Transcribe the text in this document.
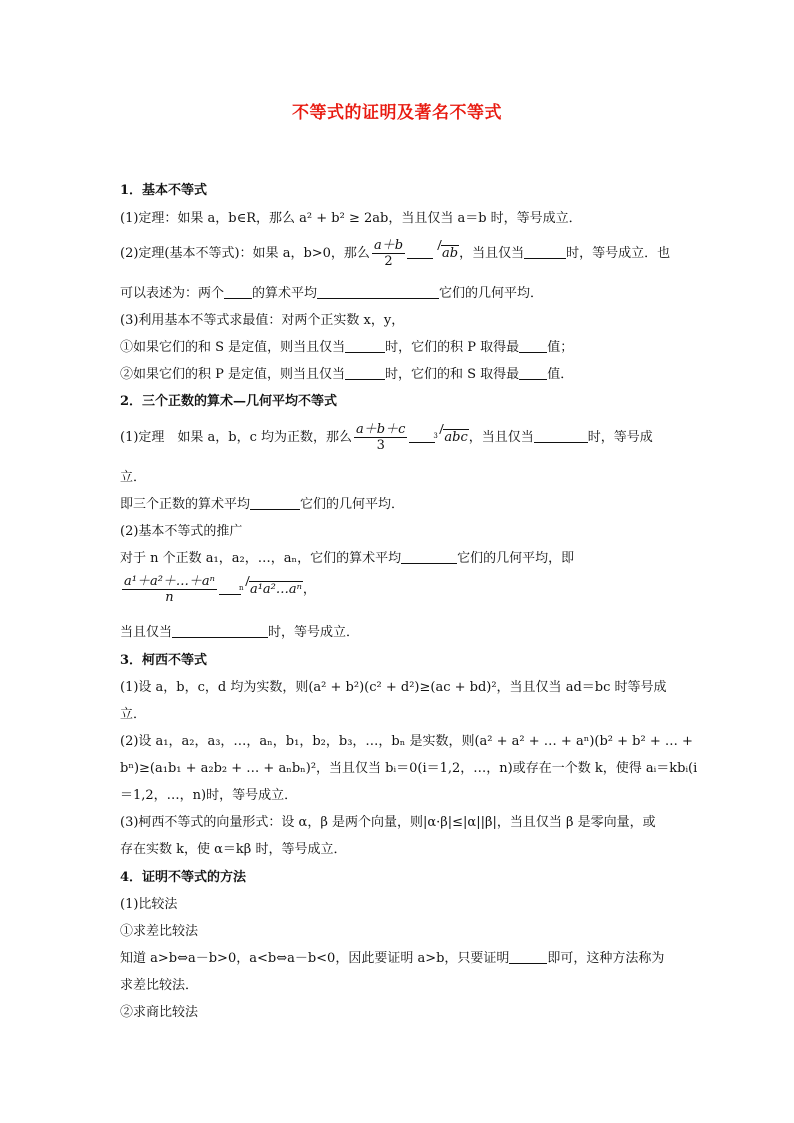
不等式的证明及著名不等式
1．基本不等式
(1)定理：如果 a，b∈R，那么 a² + b² ≥ 2ab，当且仅当 a＝b 时，等号成立．
(2)定理(基本不等式)：如果 a，b>0，那么 $\frac{a+b}{2}$	ab，当且仅当	时，等号成立．也
可以表述为：两个 的算术平均	它们的几何平均．
(3)利用基本不等式求最值：对两个正实数 x，y，
①如果它们的和 S 是定值，则当且仅当	时，它们的积 P 取得最 值；
②如果它们的积 P 是定值，则当且仅当	时，它们的和 S 取得最 值．
2．三个正数的算术—几何平均不等式
(1)定理　如果 a，b，c 均为正数，那么 $\frac{a+b+c}{3}$	3 abc，当且仅当	时，等号成
立．
即三个正数的算术平均	它们的几何平均．
(2)基本不等式的推广
对于 n 个正数 a₁，a₂，…，aₙ，它们的算术平均	它们的几何平均，即
$\frac{\text{a¹＋a²＋…＋aⁿ}}{n}$	n a¹a²…aⁿ，
当且仅当	时，等号成立．
3．柯西不等式
(1)设 a，b，c，d 均为实数，则(a² + b²)(c² + d²)≥(ac + bd)²，当且仅当 ad＝bc 时等号成
立．
(2)设 a₁，a₂，a₃，…，aₙ，b₁，b₂，b₃，…，bₙ 是实数，则(a² + a² + … + aⁿ)(b² + b² + … +
bⁿ)≥(a₁b₁ + a₂b₂ + … + aₙbₙ)²，当且仅当 bᵢ＝0(i＝1,2，…，n)或存在一个数 k，使得 aᵢ＝kbᵢ(i
＝1,2，…，n)时，等号成立．
(3)柯西不等式的向量形式：设 α，β 是两个向量，则|α·β|≤|α||β|，当且仅当 β 是零向量，或
存在实数 k，使 α＝kβ 时，等号成立．
4．证明不等式的方法
(1)比较法
①求差比较法
知道 a>b⇔a－b>0，a<b⇔a－b<0，因此要证明 a>b，只要证明	即可，这种方法称为
求差比较法．
②求商比较法
